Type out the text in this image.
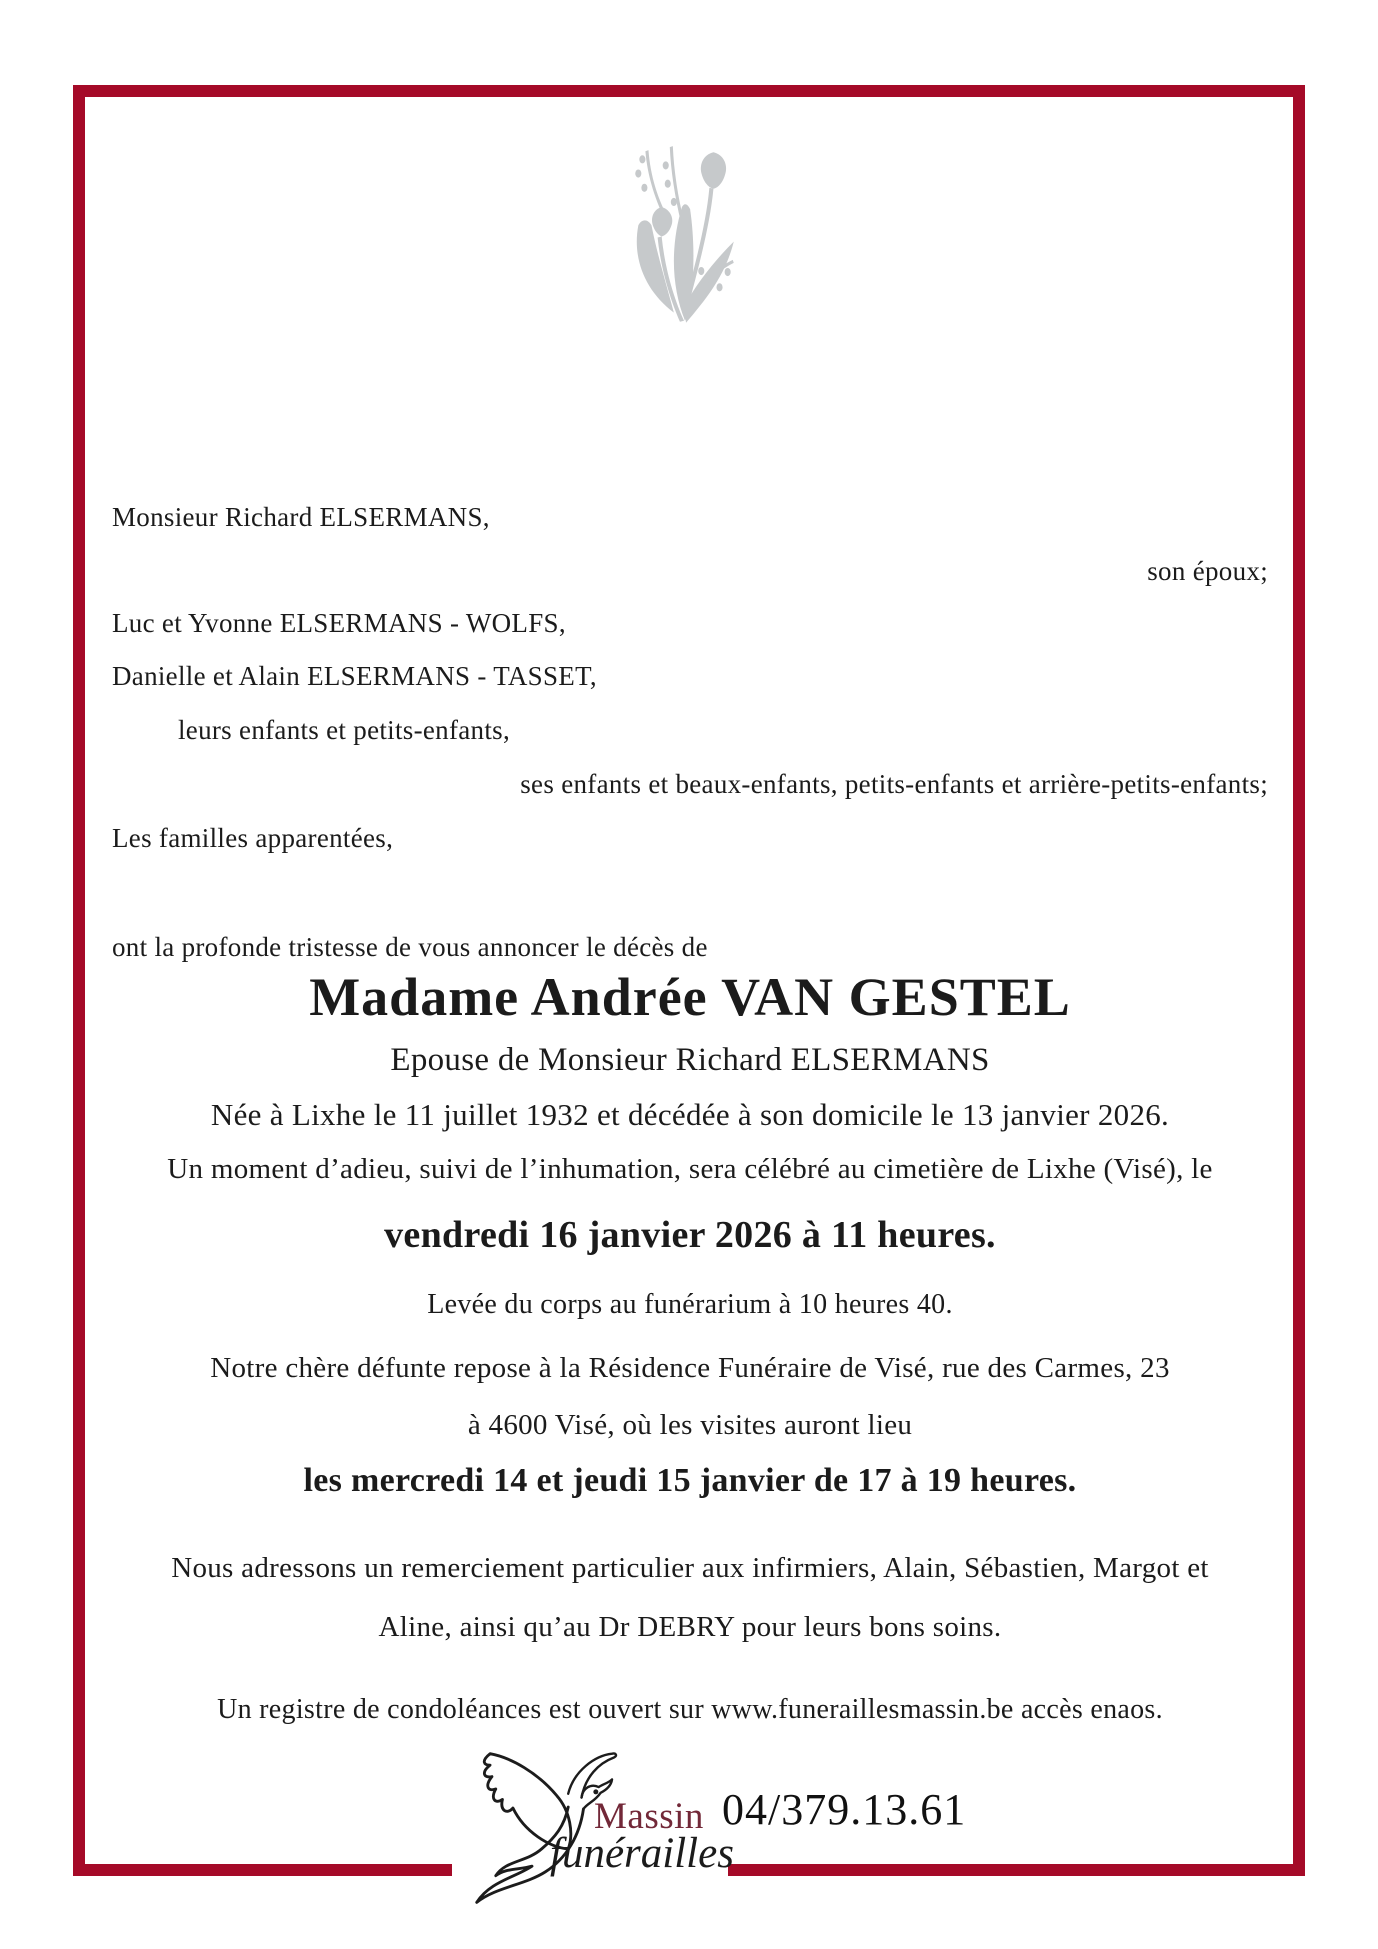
Monsieur Richard ELSERMANS,
son époux;
Luc et Yvonne ELSERMANS - WOLFS,
Danielle et Alain ELSERMANS - TASSET,
leurs enfants et petits-enfants,
ses enfants et beaux-enfants, petits-enfants et arrière-petits-enfants;
Les familles apparentées,
ont la profonde tristesse de vous annoncer le décès de
Madame Andrée VAN GESTEL
Epouse de Monsieur Richard ELSERMANS
Née à Lixhe le 11 juillet 1932 et décédée à son domicile le 13 janvier 2026.
Un moment d’adieu, suivi de l’inhumation, sera célébré au cimetière de Lixhe (Visé), le
vendredi 16 janvier 2026 à 11 heures.
Levée du corps au funérarium à 10 heures 40.
Notre chère défunte repose à la Résidence Funéraire de Visé, rue des Carmes, 23
à 4600 Visé, où les visites auront lieu
les mercredi 14 et jeudi 15 janvier de 17 à 19 heures.
Nous adressons un remerciement particulier aux infirmiers, Alain, Sébastien, Margot et
Aline, ainsi qu’au Dr DEBRY pour leurs bons soins.
Un registre de condoléances est ouvert sur www.funeraillesmassin.be accès enaos.
Massin
funérailles
04/379.13.61
